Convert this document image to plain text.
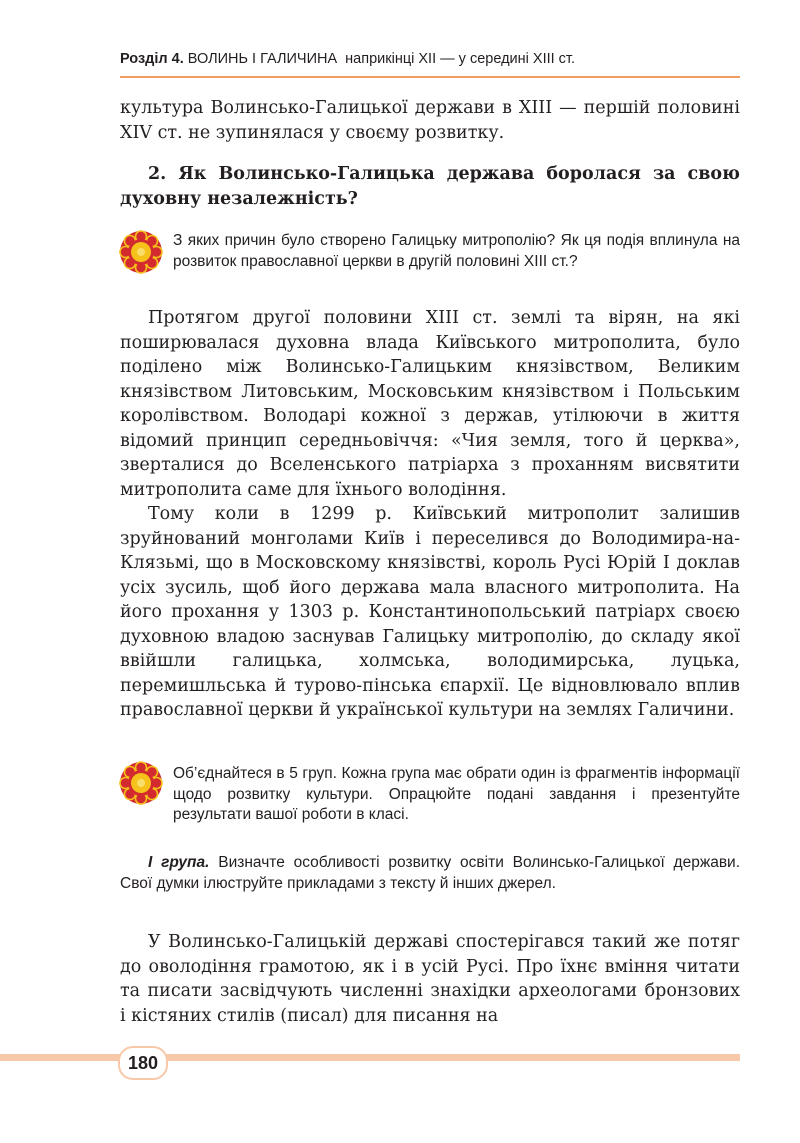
Розділ 4. ВОЛИНЬ І ГАЛИЧИНА наприкінці XII — у середині XIII ст.

культура Волинсько-Галицької держави в XIII — першій половині XIV ст. не зупинялася у своєму розвитку.

2. Як Волинсько-Галицька держава боролася за свою духовну незалежність?

З яких причин було створено Галицьку митрополію? Як ця подія вплинула на розвиток православної церкви в другій половині XIII ст.?

Протягом другої половини XIII ст. землі та вірян, на які поширювалася духовна влада Київського митрополита, було поділено між Волинсько-Галицьким князівством, Великим князівством Литовським, Московським князівством і Польським королівством. Володарі кожної з держав, утілюючи в життя відомий принцип середньовіччя: «Чия земля, того й церква», зверталися до Вселенського патріарха з проханням висвятити митрополита саме для їхнього володіння.

Тому коли в 1299 р. Київський митрополит залишив зруйнований монголами Київ і переселився до Володимира-на-Клязьмі, що в Московскому князівстві, король Русі Юрій I доклав усіх зусиль, щоб його держава мала власного митрополита. На його прохання у 1303 р. Константинопольський патріарх своєю духовною владою заснував Галицьку митрополію, до складу якої ввійшли галицька, холмська, володимирська, луцька, перемишльська й турово-пінська єпархії. Це відновлювало вплив православної церкви й української культури на землях Галичини.

Об’єднайтеся в 5 груп. Кожна група має обрати один із фрагментів інформації щодо розвитку культури. Опрацюйте подані завдання і презентуйте результати вашої роботи в класі.

I група. Визначте особливості розвитку освіти Волинсько-Галицької держави. Свої думки ілюструйте прикладами з тексту й інших джерел.

У Волинсько-Галицькій державі спостерігався такий же потяг до оволодіння грамотою, як і в усій Русі. Про їхнє вміння читати та писати засвідчують численні знахідки археологами бронзових і кістяних стилів (писал) для писання на

180
